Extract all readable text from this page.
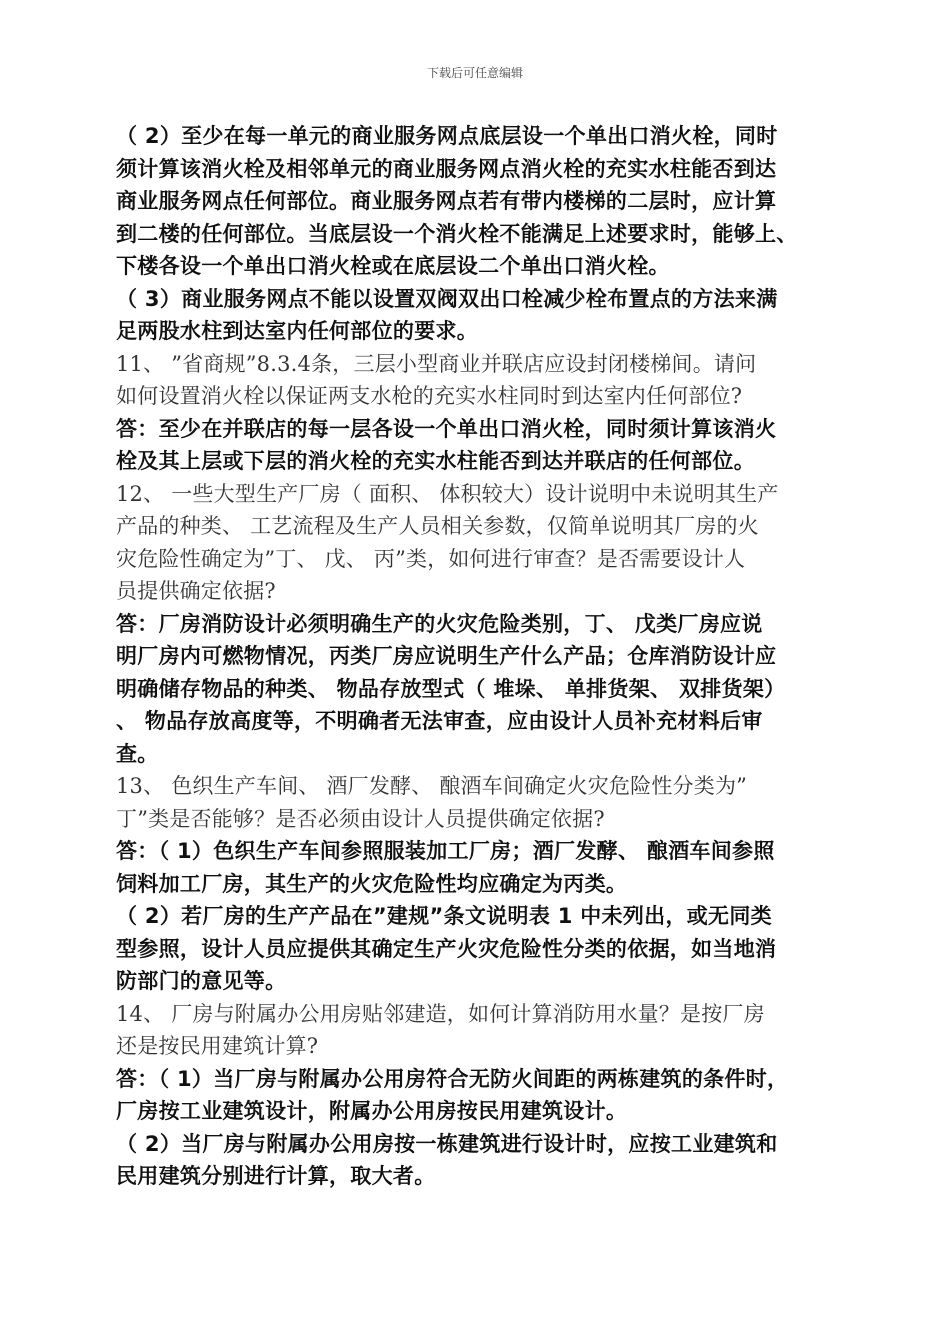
下载后可任意编辑
（ 2）至少在每一单元的商业服务网点底层设一个单出口消火栓，同时
须计算该消火栓及相邻单元的商业服务网点消火栓的充实水柱能否到达
商业服务网点任何部位。商业服务网点若有带内楼梯的二层时，应计算
到二楼的任何部位。当底层设一个消火栓不能满足上述要求时，能够上、
下楼各设一个单出口消火栓或在底层设二个单出口消火栓。
（ 3）商业服务网点不能以设置双阀双出口栓减少栓布置点的方法来满
足两股水柱到达室内任何部位的要求。
11、 ”省商规”8.3.4条，三层小型商业并联店应设封闭楼梯间。请问
如何设置消火栓以保证两支水枪的充实水柱同时到达室内任何部位?
答：至少在并联店的每一层各设一个单出口消火栓，同时须计算该消火
栓及其上层或下层的消火栓的充实水柱能否到达并联店的任何部位。
12、 一些大型生产厂房（ 面积、 体积较大）设计说明中未说明其生产
产品的种类、 工艺流程及生产人员相关参数，仅简单说明其厂房的火
灾危险性确定为”丁、 戊、 丙”类，如何进行审查？是否需要设计人
员提供确定依据?
答：厂房消防设计必须明确生产的火灾危险类别，丁、 戊类厂房应说
明厂房内可燃物情况，丙类厂房应说明生产什么产品；仓库消防设计应
明确储存物品的种类、 物品存放型式（ 堆垛、 单排货架、 双排货架）
、 物品存放高度等，不明确者无法审查，应由设计人员补充材料后审
查。
13、 色织生产车间、 酒厂发酵、 酿酒车间确定火灾危险性分类为”
丁”类是否能够？是否必须由设计人员提供确定依据?
答：（ 1）色织生产车间参照服装加工厂房；酒厂发酵、 酿酒车间参照
饲料加工厂房，其生产的火灾危险性均应确定为丙类。
（ 2）若厂房的生产产品在”建规”条文说明表 1 中未列出，或无同类
型参照，设计人员应提供其确定生产火灾危险性分类的依据，如当地消
防部门的意见等。
14、 厂房与附属办公用房贴邻建造，如何计算消防用水量？是按厂房
还是按民用建筑计算?
答：（ 1）当厂房与附属办公用房符合无防火间距的两栋建筑的条件时，
厂房按工业建筑设计，附属办公用房按民用建筑设计。
（ 2）当厂房与附属办公用房按一栋建筑进行设计时，应按工业建筑和
民用建筑分别进行计算，取大者。
